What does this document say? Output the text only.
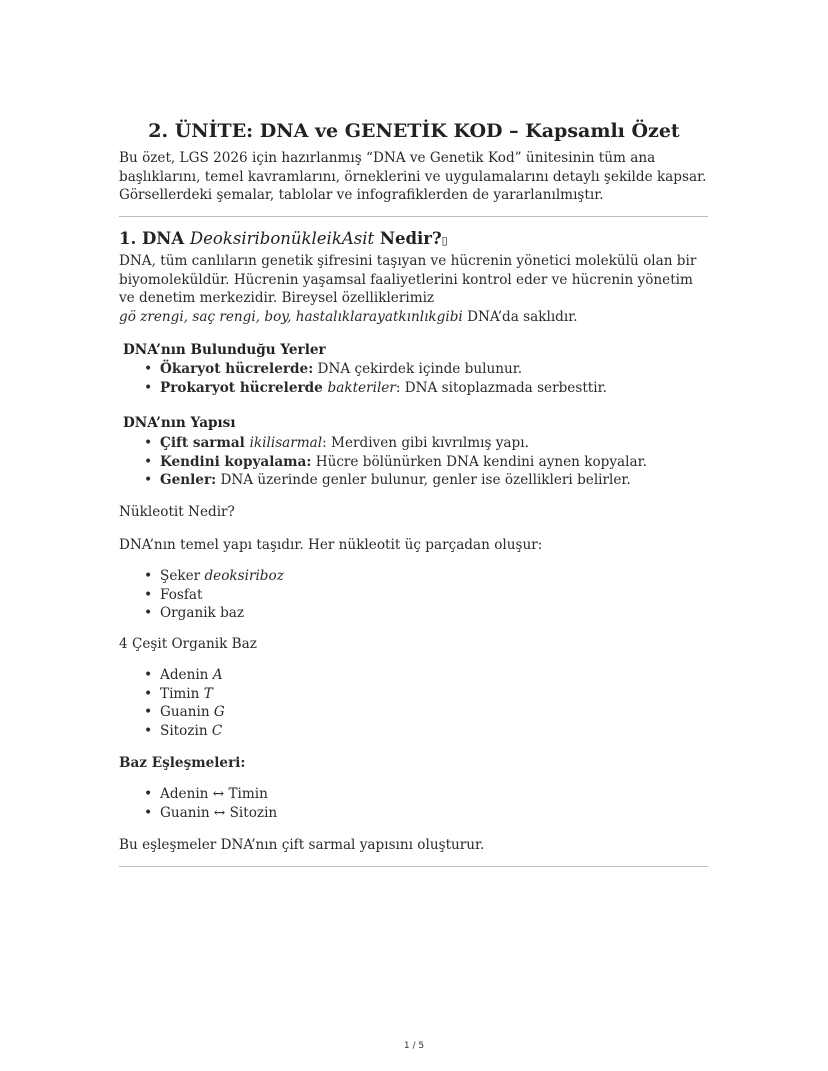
2. ÜNİTE: DNA ve GENETİK KOD – Kapsamlı Özet

Bu özet, LGS 2026 için hazırlanmış “DNA ve Genetik Kod” ünitesinin tüm ana başlıklarını, temel kavramlarını, örneklerini ve uygulamalarını detaylı şekilde kapsar. Görsellerdeki şemalar, tablolar ve infografiklerden de yararlanılmıştır.

1. DNA DeoksiribonükleikAsit Nedir?▯

DNA, tüm canlıların genetik şifresini taşıyan ve hücrenin yönetici molekülü olan bir biyomoleküldür. Hücrenin yaşamsal faaliyetlerini kontrol eder ve hücrenin yönetim ve denetim merkezidir. Bireysel özelliklerimiz
gö zrengi, saç rengi, boy, hastalıklarayatkınlıkgibi DNA’da saklıdır.

DNA’nın Bulunduğu Yerler
• Ökaryot hücrelerde: DNA çekirdek içinde bulunur.
• Prokaryot hücrelerde bakteriler: DNA sitoplazmada serbesttir.
DNA’nın Yapısı
• Çift sarmal ikilisarmal: Merdiven gibi kıvrılmış yapı.
• Kendini kopyalama: Hücre bölünürken DNA kendini aynen kopyalar.
• Genler: DNA üzerinde genler bulunur, genler ise özellikleri belirler.

Nükleotit Nedir?

DNA’nın temel yapı taşıdır. Her nükleotit üç parçadan oluşur:

• Şeker deoksiriboz
• Fosfat
• Organik baz

4 Çeşit Organik Baz

• Adenin A
• Timin T
• Guanin G
• Sitozin C

Baz Eşleşmeleri:

• Adenin ↔ Timin
• Guanin ↔ Sitozin

Bu eşleşmeler DNA’nın çift sarmal yapısını oluşturur.

1 / 5
